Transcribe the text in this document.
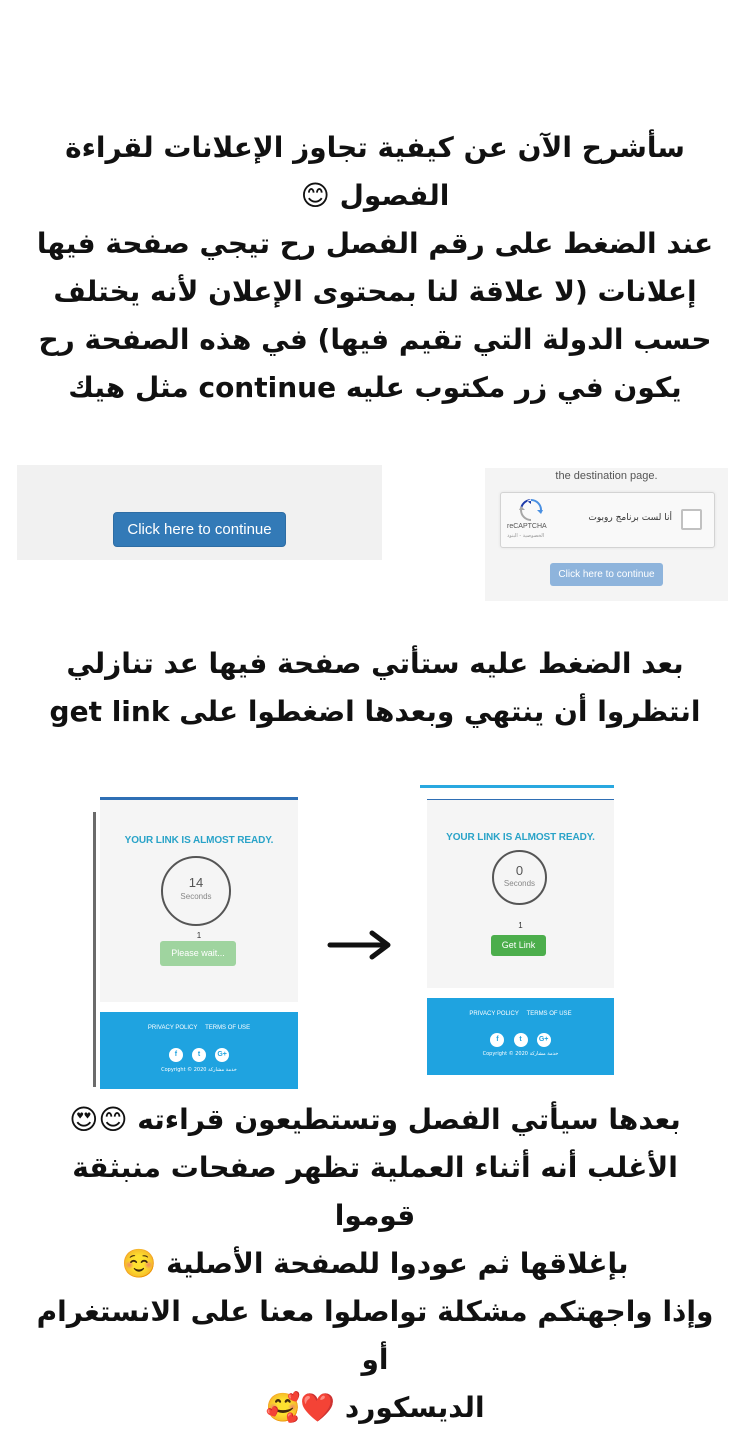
سأشرح الآن عن كيفية تجاوز الإعلانات لقراءة

الفصول 😊

عند الضغط على رقم الفصل رح تيجي صفحة فيها

إعلانات (لا علاقة لنا بمحتوى الإعلان لأنه يختلف

حسب الدولة التي تقيم فيها) في هذه الصفحة رح

يكون في زر مكتوب عليه continue مثل هيك

Click here to continue
the destination page.
reCAPTCHA
الخصوصية - البنود
أنا لست برنامج روبوت
Click here to continue

بعد الضغط عليه ستأتي صفحة فيها عد تنازلي

انتظروا أن ينتهي وبعدها اضغطوا على get link

YOUR LINK IS ALMOST READY.
14
Seconds
1
Please wait...
PRIVACY POLICY TERMS OF USE
f	t G+
Copyright © 2020 خدمة مشاركة
YOUR LINK IS ALMOST READY.
0
Seconds
1
Get Link
PRIVACY POLICY TERMS OF USE
f	t G+
Copyright © 2020 خدمة مشاركة

بعدها سيأتي الفصل وتستطيعون قراءته 😊😍

الأغلب أنه أثناء العملية تظهر صفحات منبثقة قوموا

بإغلاقها ثم عودوا للصفحة الأصلية ☺️

وإذا واجهتكم مشكلة تواصلوا معنا على الانستغرام أو

الديسكورد ❤️🥰
